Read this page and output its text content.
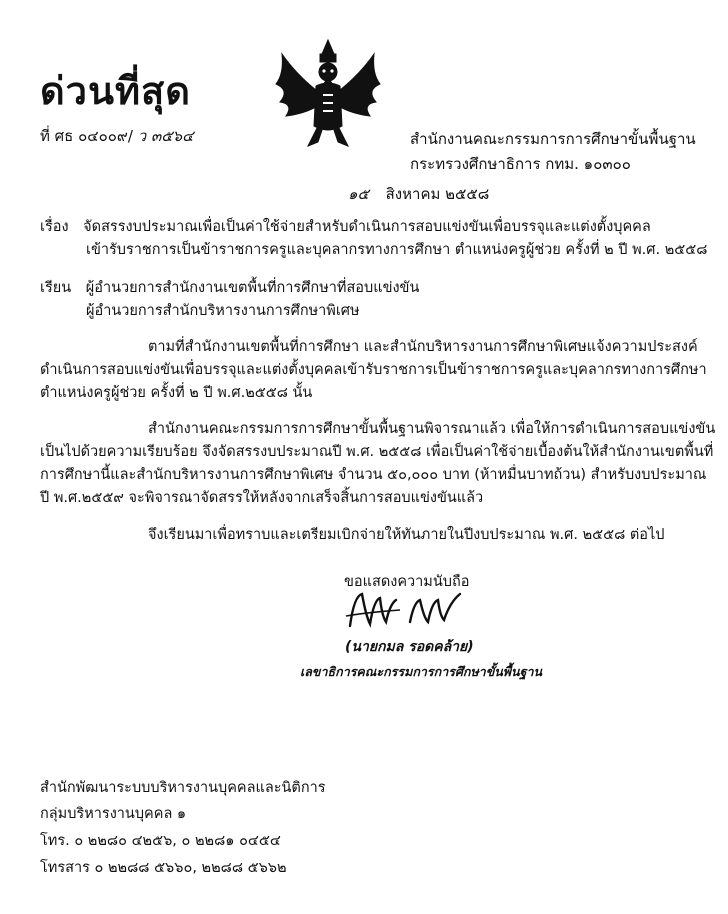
ด่วนที่สุด
ที่ ศธ ๐๔๐๐๙/ ว ๓๕๖๔	สำนักงานคณะกรรมการการศึกษาขั้นพื้นฐาน
กระทรวงศึกษาธิการ กทม. ๑๐๓๐๐
๑๕ สิงหาคม ๒๕๕๘
เรื่อง จัดสรรงบประมาณเพื่อเป็นค่าใช้จ่ายสำหรับดำเนินการสอบแข่งขันเพื่อบรรจุและแต่งตั้งบุคคล
เข้ารับราชการเป็นข้าราชการครูและบุคลากรทางการศึกษา ตำแหน่งครูผู้ช่วย ครั้งที่ ๒ ปี พ.ศ. ๒๕๕๘
เรียน ผู้อำนวยการสำนักงานเขตพื้นที่การศึกษาที่สอบแข่งขัน
ผู้อำนวยการสำนักบริหารงานการศึกษาพิเศษ
ตามที่สำนักงานเขตพื้นที่การศึกษา และสำนักบริหารงานการศึกษาพิเศษแจ้งความประสงค์
ดำเนินการสอบแข่งขันเพื่อบรรจุและแต่งตั้งบุคคลเข้ารับราชการเป็นข้าราชการครูและบุคลากรทางการศึกษา
ตำแหน่งครูผู้ช่วย ครั้งที่ ๒ ปี พ.ศ.๒๕๕๘ นั้น
สำนักงานคณะกรรมการการศึกษาขั้นพื้นฐานพิจารณาแล้ว เพื่อให้การดำเนินการสอบแข่งขัน
เป็นไปด้วยความเรียบร้อย จึงจัดสรรงบประมาณปี พ.ศ. ๒๕๕๘ เพื่อเป็นค่าใช้จ่ายเบื้องต้นให้สำนักงานเขตพื้นที่
การศึกษานี้และสำนักบริหารงานการศึกษาพิเศษ จำนวน ๕๐,๐๐๐ บาท (ห้าหมื่นบาทถ้วน) สำหรับงบประมาณ
ปี พ.ศ.๒๕๕๙ จะพิจารณาจัดสรรให้หลังจากเสร็จสิ้นการสอบแข่งขันแล้ว
จึงเรียนมาเพื่อทราบและเตรียมเบิกจ่ายให้ทันภายในปีงบประมาณ พ.ศ. ๒๕๕๘ ต่อไป
ขอแสดงความนับถือ
(นายกมล รอดคล้าย)
เลขาธิการคณะกรรมการการศึกษาขั้นพื้นฐาน
สำนักพัฒนาระบบบริหารงานบุคคลและนิติการ
กลุ่มบริหารงานบุคคล ๑
โทร. ๐ ๒๒๘๐ ๔๒๕๖, ๐ ๒๒๘๑ ๐๔๕๔
โทรสาร ๐ ๒๒๘๘ ๕๖๖๐, ๒๒๘๘ ๕๖๖๒
